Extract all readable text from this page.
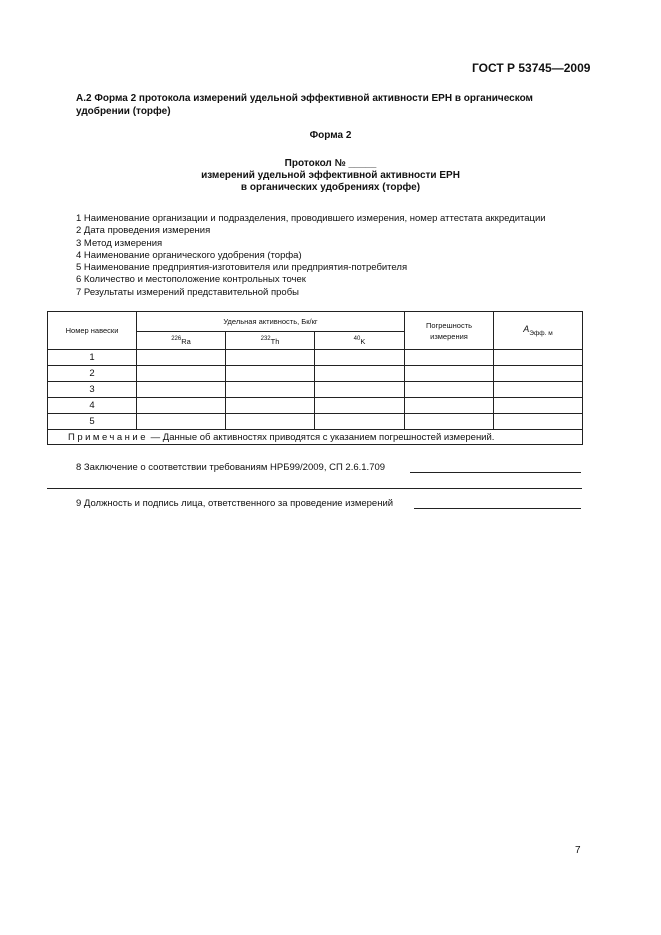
ГОСТ Р 53745—2009
А.2 Форма 2 протокола измерений удельной эффективной активности ЕРН в органическом удобрении (торфе)
Форма 2
Протокол № _____
измерений удельной эффективной активности ЕРН
в органических удобрениях (торфе)
1 Наименование организации и подразделения, проводившего измерения, номер аттестата аккредитации
2 Дата проведения измерения
3 Метод измерения
4 Наименование органического удобрения (торфа)
5 Наименование предприятия-изготовителя или предприятия-потребителя
6 Количество и местоположение контрольных точек
7 Результаты измерений представительной пробы
Номер навески	Удельная активность, Бк/кг			Погрешность измерения	$A_{Эфф. м}$
	$^{226}$Ra	$^{232}$Th	$^{40}$K		
1					
2					
3					
4					
5					
Примечание — Данные об активностях приводятся с указанием погрешностей измерений.					
8 Заключение о соответствии требованиям НРБ99/2009, СП 2.6.1.709
9 Должность и подпись лица, ответственного за проведение измерений
7
